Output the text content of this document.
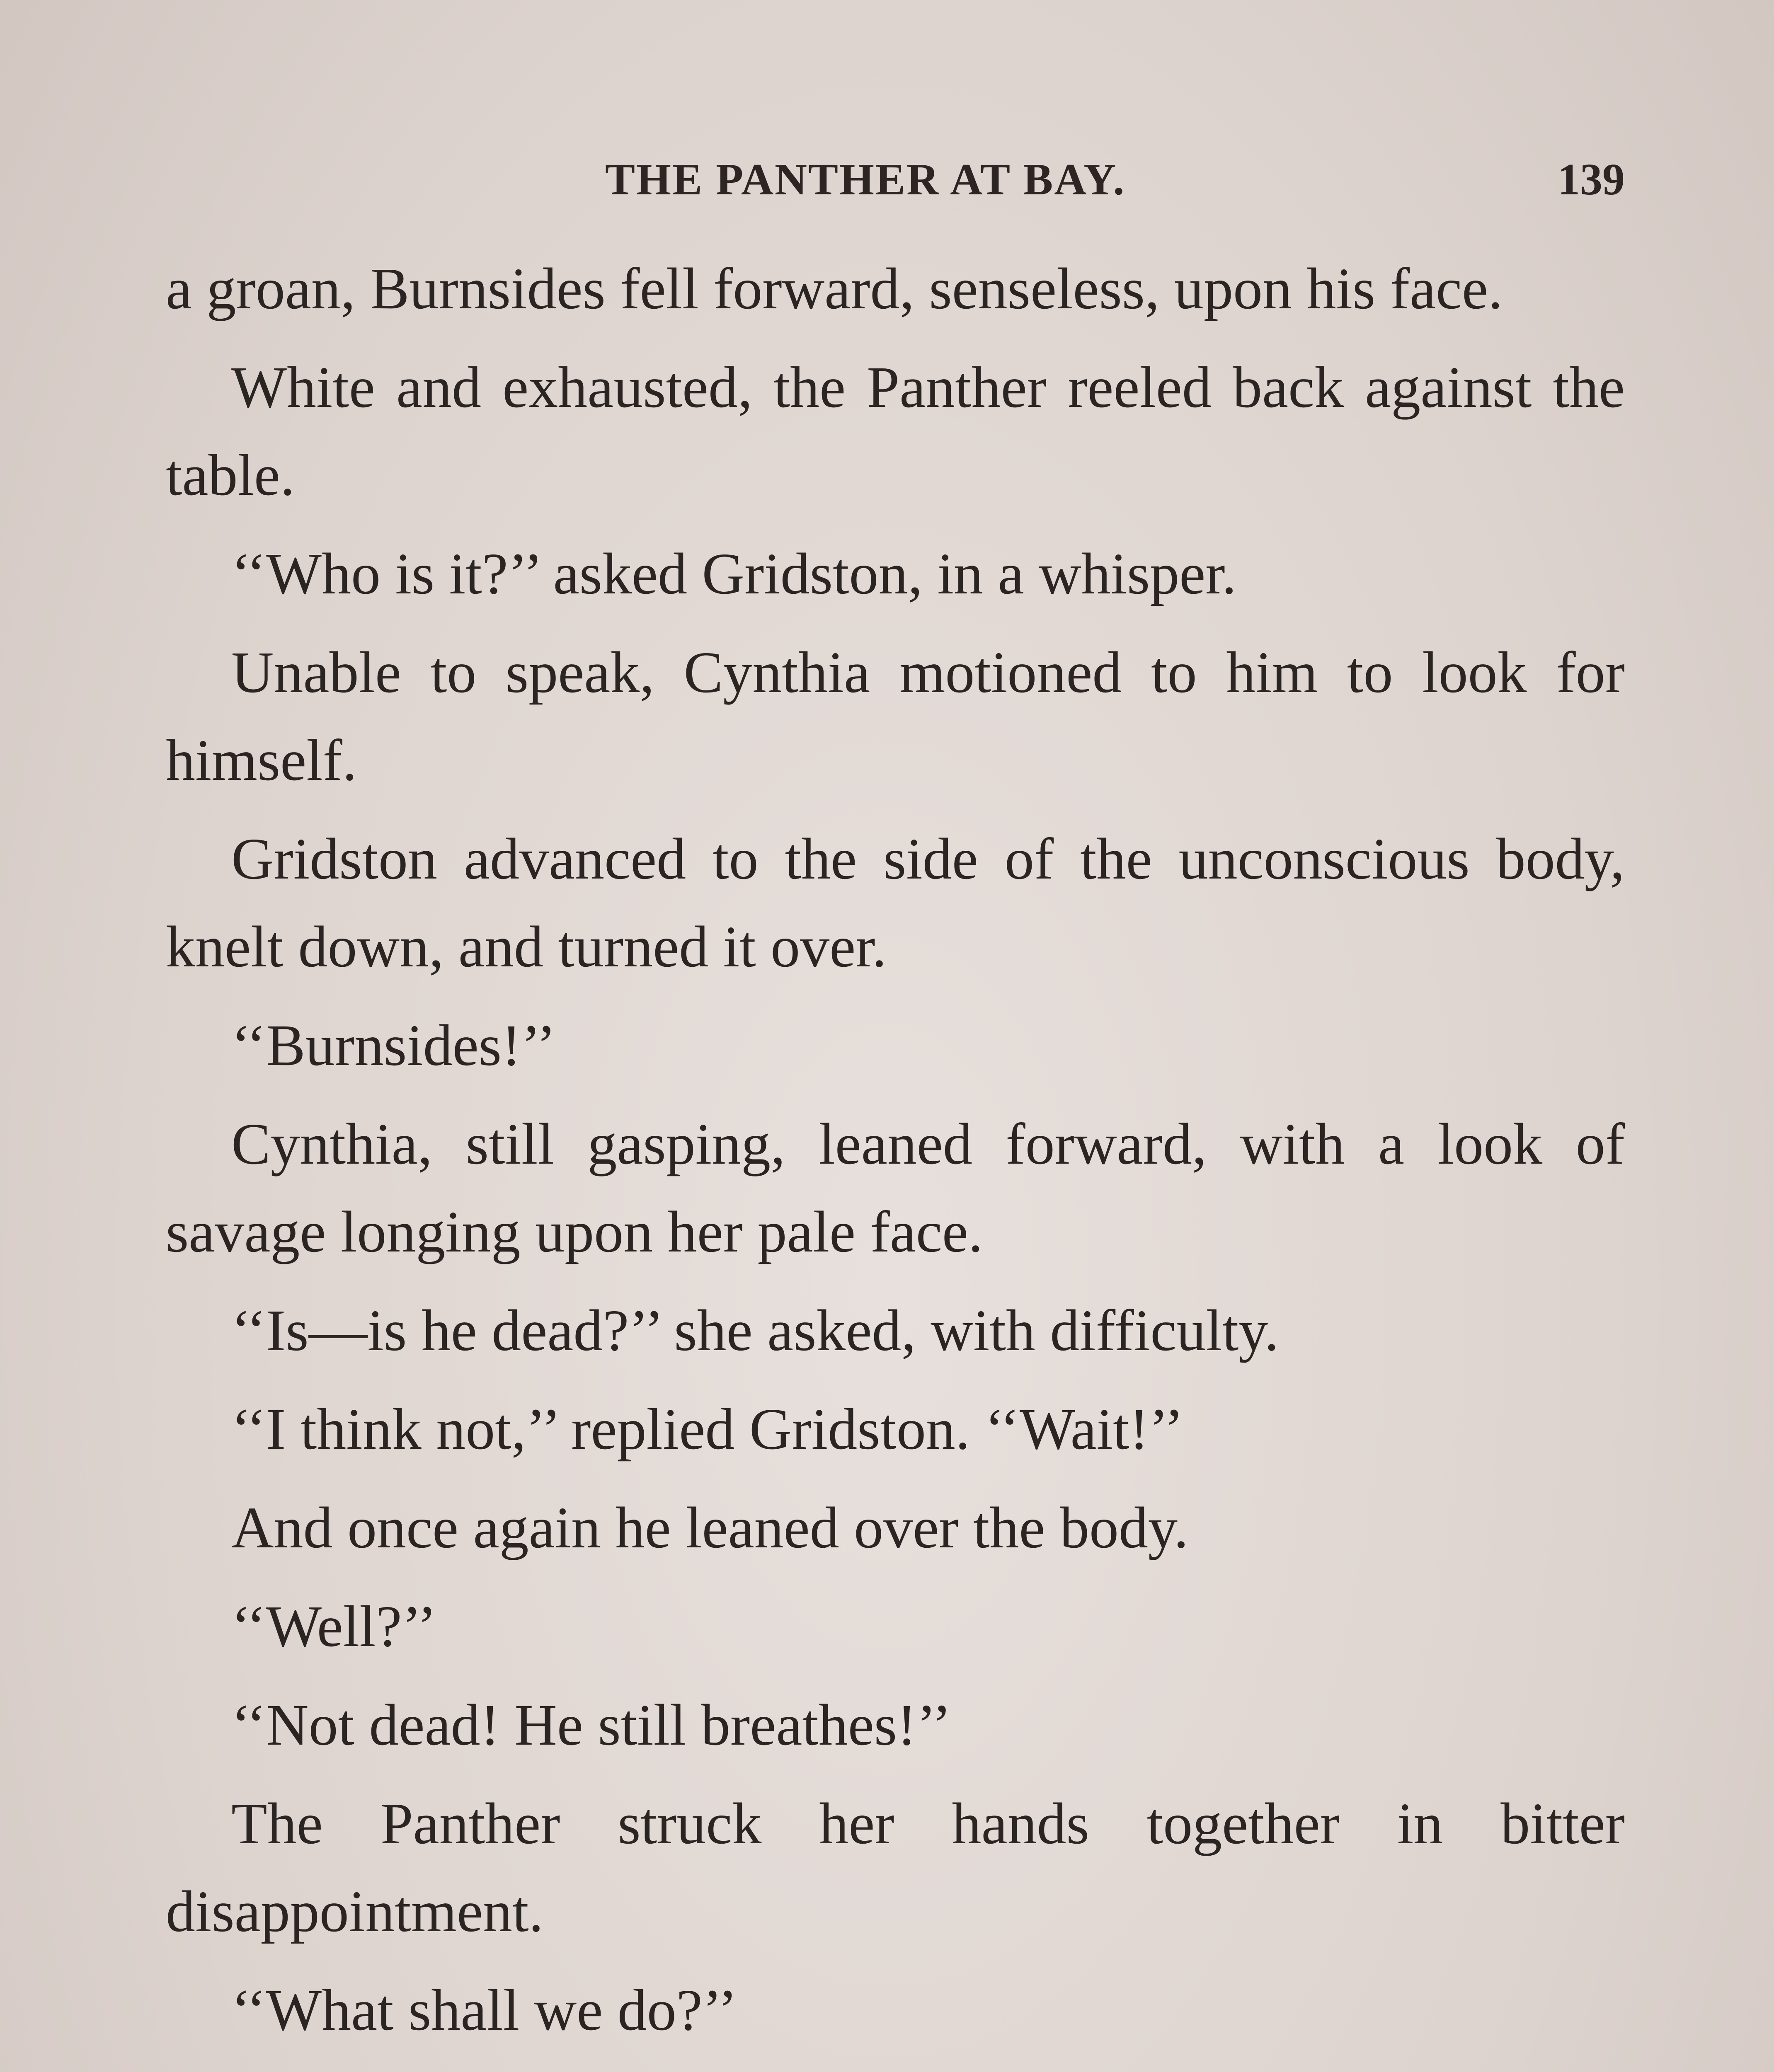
THE PANTHER AT BAY.	139

a groan, Burnsides fell forward, senseless, upon his face.

White and exhausted, the Panther reeled back against the table.

‘‘Who is it?’’ asked Gridston, in a whisper.

Unable to speak, Cynthia motioned to him to look for himself.

Gridston advanced to the side of the unconscious body, knelt down, and turned it over.

‘‘Burnsides!’’

Cynthia, still gasping, leaned forward, with a look of savage longing upon her pale face.

‘‘Is—is he dead?’’ she asked, with difficulty.

‘‘I think not,’’ replied Gridston. ‘‘Wait!’’

And once again he leaned over the body.

‘‘Well?’’

‘‘Not dead! He still breathes!’’

The Panther struck her hands together in bitter disappointment.

‘‘What shall we do?’’
